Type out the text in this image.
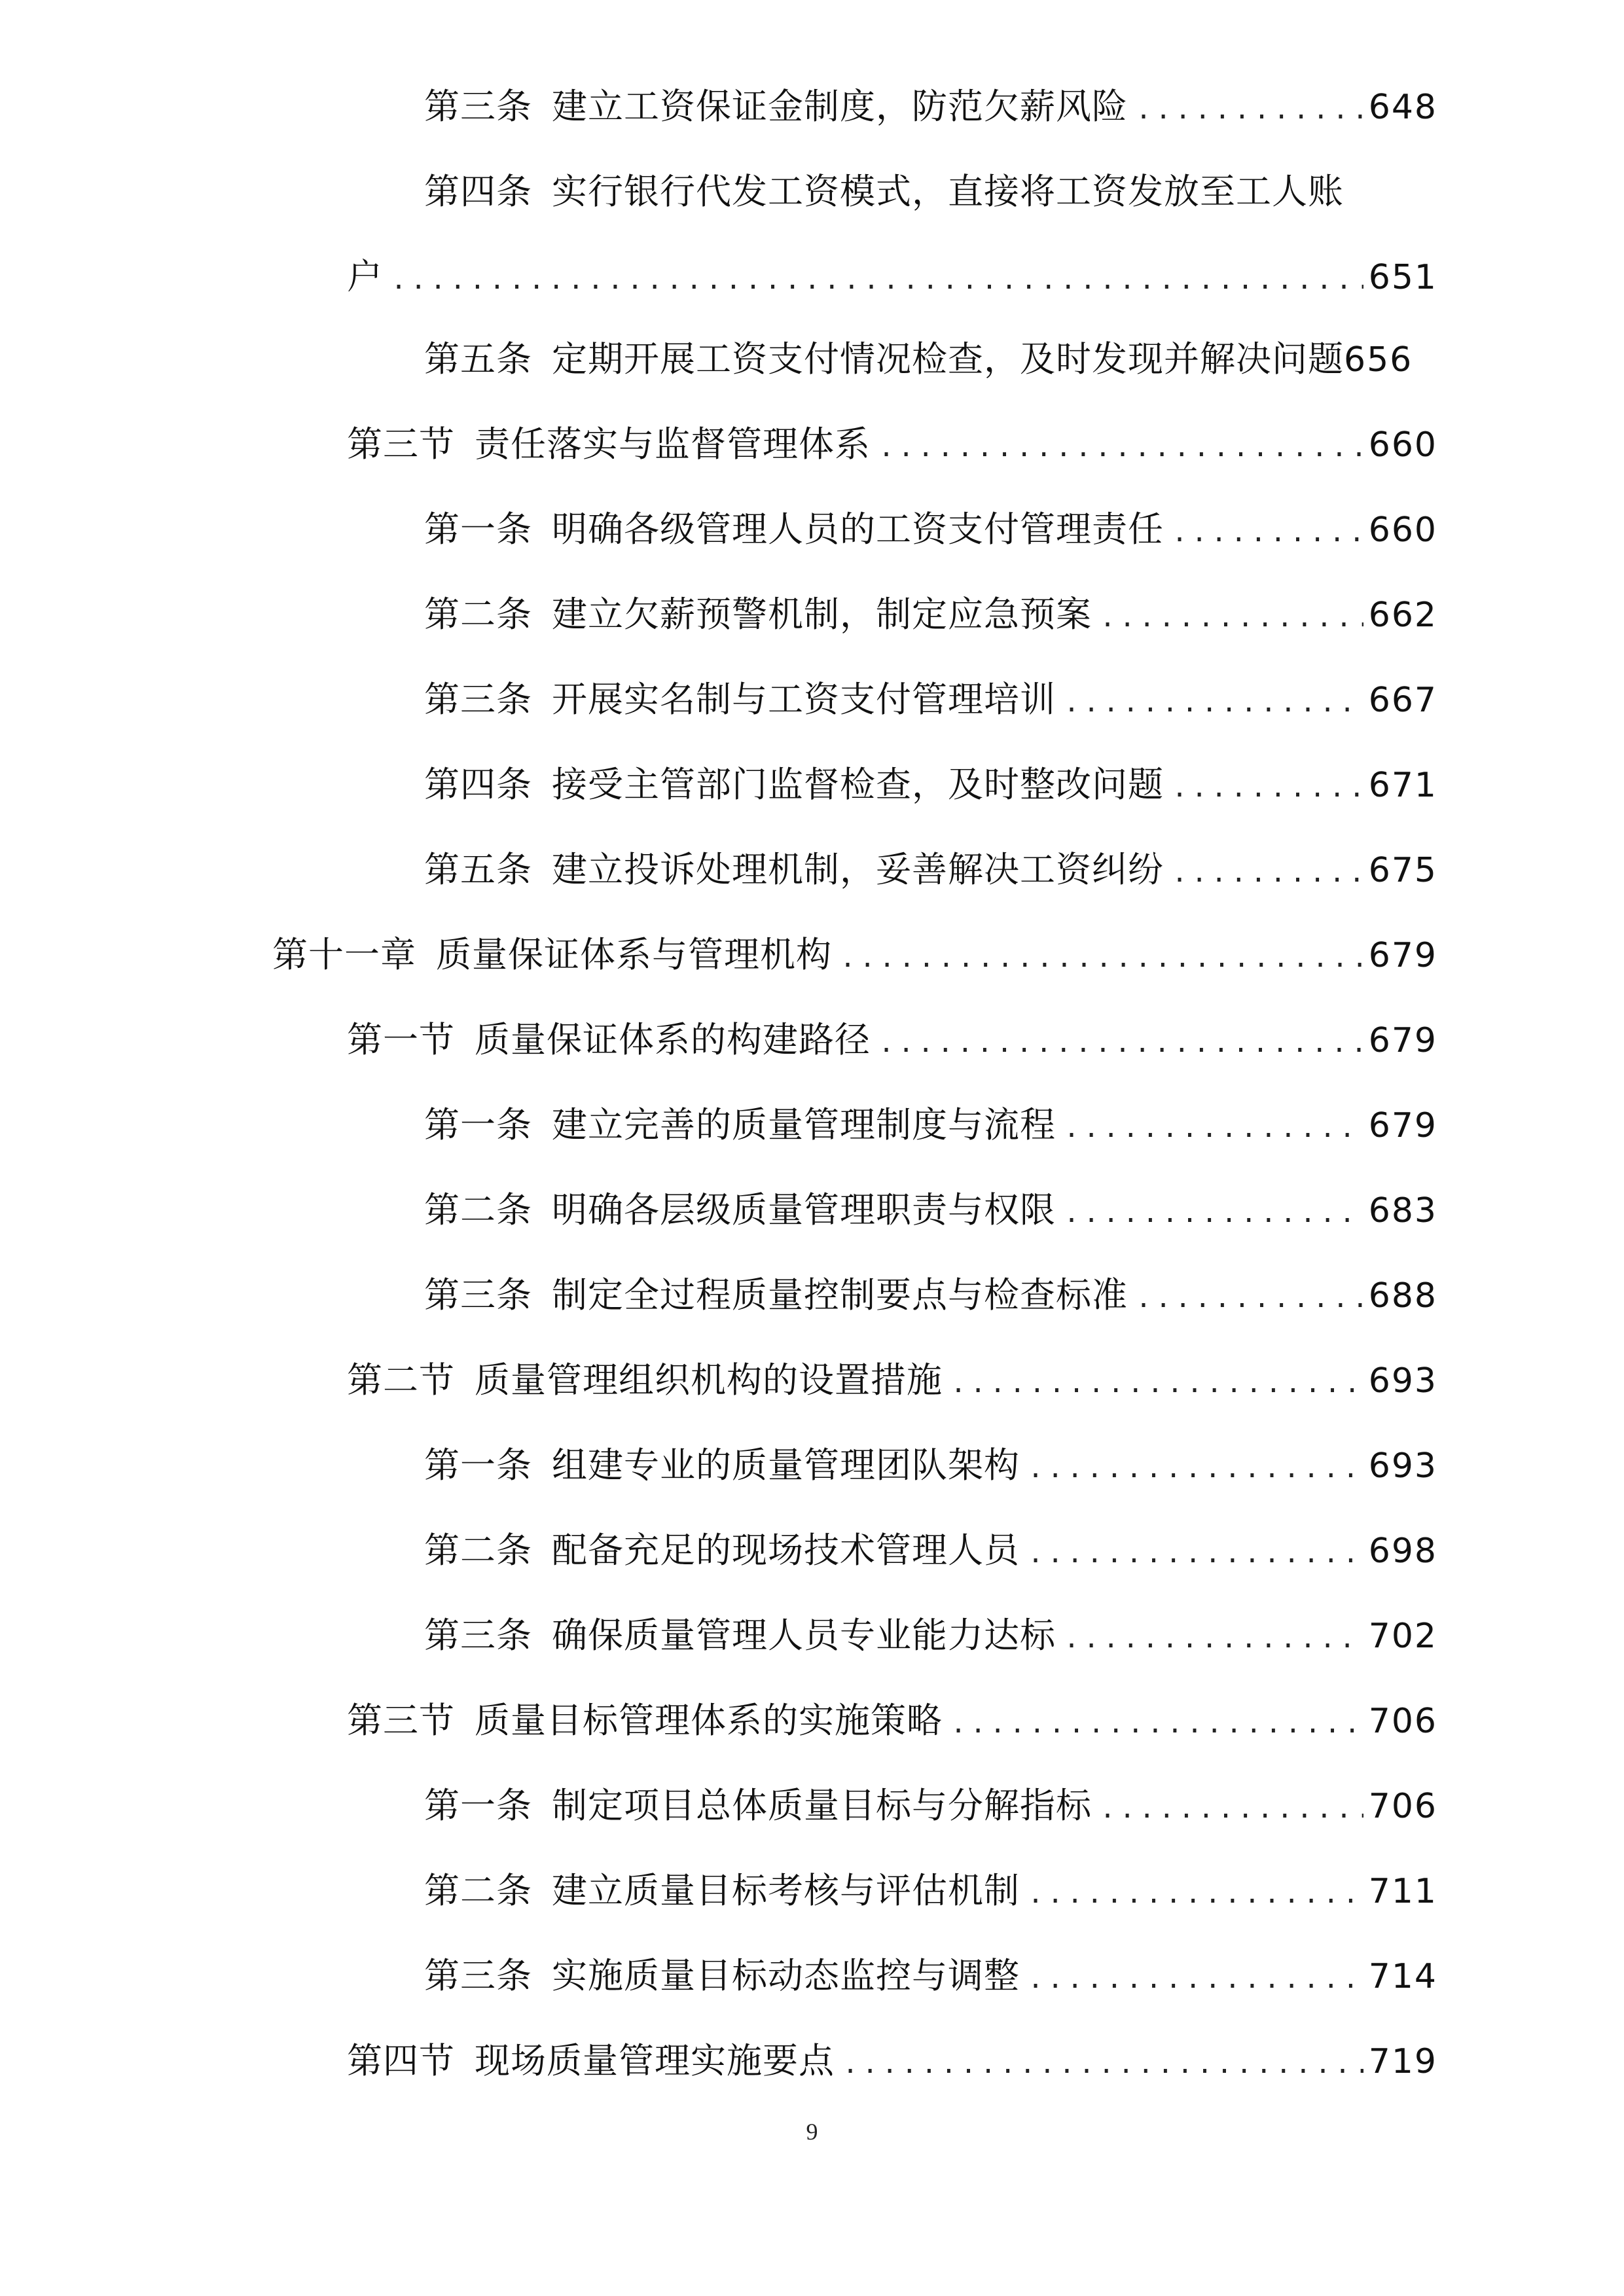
第三条 建立工资保证金制度，防范欠薪风险 .....	648
第四条 实行银行代发工资模式，直接将工资发放至工人账
户 .....	651
第五条 定期开展工资支付情况检查，及时发现并解决问题 656
第三节 责任落实与监督管理体系 .....	660
第一条 明确各级管理人员的工资支付管理责任 .....	660
第二条 建立欠薪预警机制，制定应急预案 .....	662
第三条 开展实名制与工资支付管理培训 .....	667
第四条 接受主管部门监督检查，及时整改问题 .....	671
第五条 建立投诉处理机制，妥善解决工资纠纷 .....	675
第十一章 质量保证体系与管理机构 .....	679
第一节 质量保证体系的构建路径 .....	679
第一条 建立完善的质量管理制度与流程 .....	679
第二条 明确各层级质量管理职责与权限 .....	683
第三条 制定全过程质量控制要点与检查标准 .....	688
第二节 质量管理组织机构的设置措施 .....	693
第一条 组建专业的质量管理团队架构 .....	693
第二条 配备充足的现场技术管理人员 .....	698
第三条 确保质量管理人员专业能力达标 .....	702
第三节 质量目标管理体系的实施策略 .....	706
第一条 制定项目总体质量目标与分解指标 .....	706
第二条 建立质量目标考核与评估机制 .....	711
第三条 实施质量目标动态监控与调整 .....	714
第四节 现场质量管理实施要点 .....	719
9
